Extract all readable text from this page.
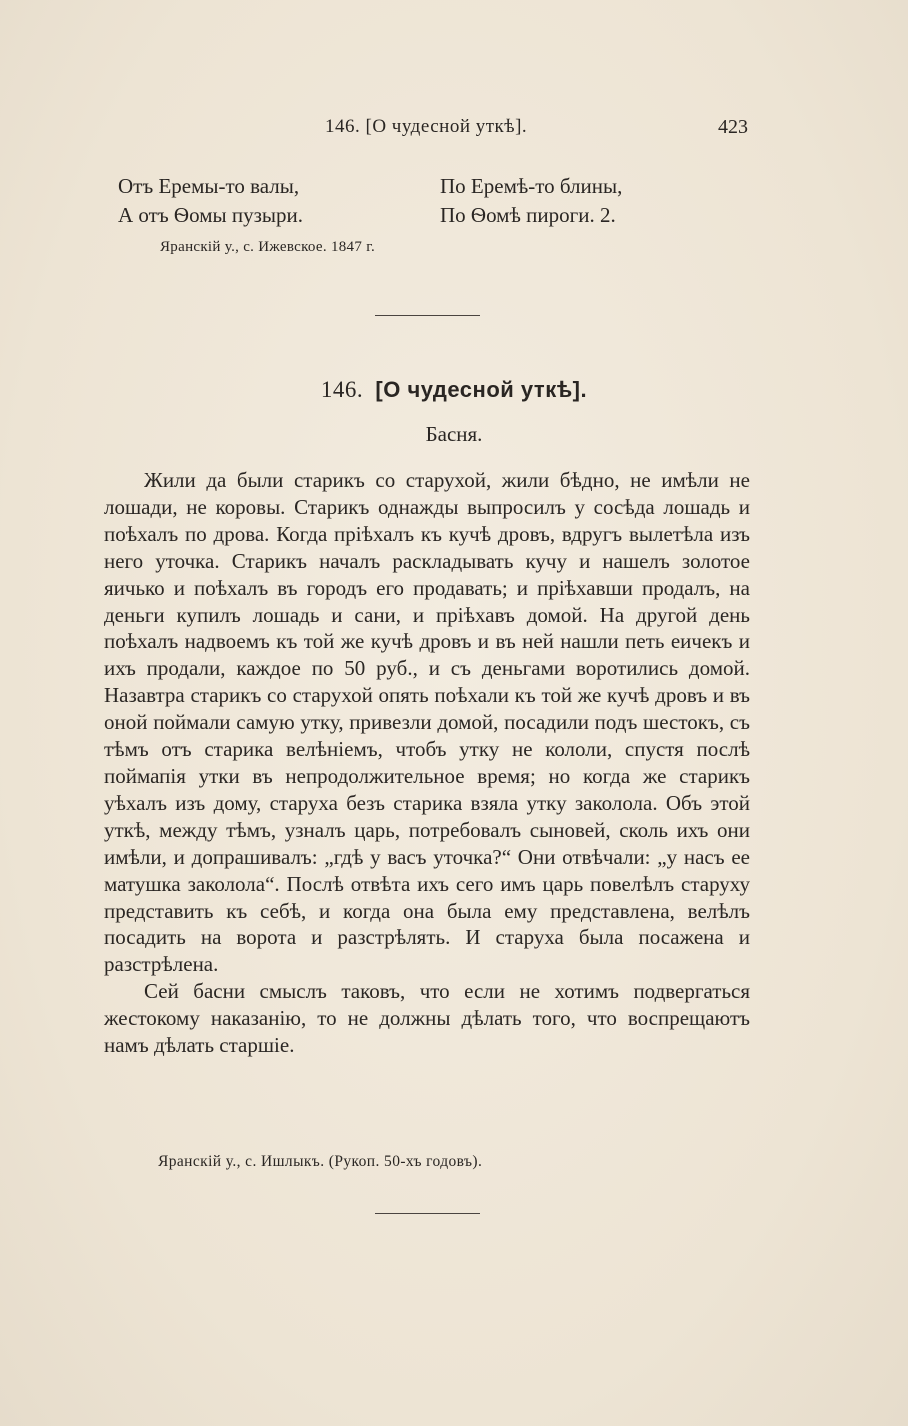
146. [О чудесной уткѣ].	423
Отъ Еремы-то валы,	По Еремѣ-то блины,
А отъ Ѳомы пузыри.	По Ѳомѣ пироги. 2.
Яранскій у., с. Ижевское. 1847 г.
146. [О чудесной уткѣ].
Басня.

Жили да были старикъ со старухой, жили бѣдно, не имѣли не лошади, не коровы. Старикъ однажды выпросилъ у сосѣда лошадь и поѣхалъ по дрова. Когда пріѣхалъ къ кучѣ дровъ, вдругъ вылетѣла изъ него уточка. Старикъ началъ раскладывать кучу и нашелъ золотое яичько и поѣхалъ въ городъ его продавать; и пріѣхавши продалъ, на деньги купилъ лошадь и сани, и пріѣхавъ домой. На другой день поѣхалъ надвоемъ къ той же кучѣ дровъ и въ ней нашли петь еичекъ и ихъ продали, каждое по 50 руб., и съ деньгами воротились домой. Назавтра старикъ со старухой опять поѣхали къ той же кучѣ дровъ и въ оной поймали самую утку, привезли домой, посадили подъ шестокъ, съ тѣмъ отъ старика велѣніемъ, чтобъ утку не кололи, спустя послѣ поймапія утки въ непродолжительное время; но когда же старикъ уѣхалъ изъ дому, старуха безъ старика взяла утку заколола. Объ этой уткѣ, между тѣмъ, узналъ царь, потребовалъ сыновей, сколь ихъ они имѣли, и допрашивалъ: „гдѣ у васъ уточка?“ Они отвѣчали: „у насъ ее матушка заколола“. Послѣ отвѣта ихъ сего имъ царь повелѣлъ старуху представить къ себѣ, и когда она была ему представлена, велѣлъ посадить на ворота и разстрѣлять. И старуха была посажена и разстрѣлена.

Сей басни смыслъ таковъ, что если не хотимъ подвергаться жестокому наказанію, то не должны дѣлать того, что воспрещаютъ намъ дѣлать старшіе.

Яранскій у., с. Ишлыкъ. (Рукоп. 50-хъ годовъ).
